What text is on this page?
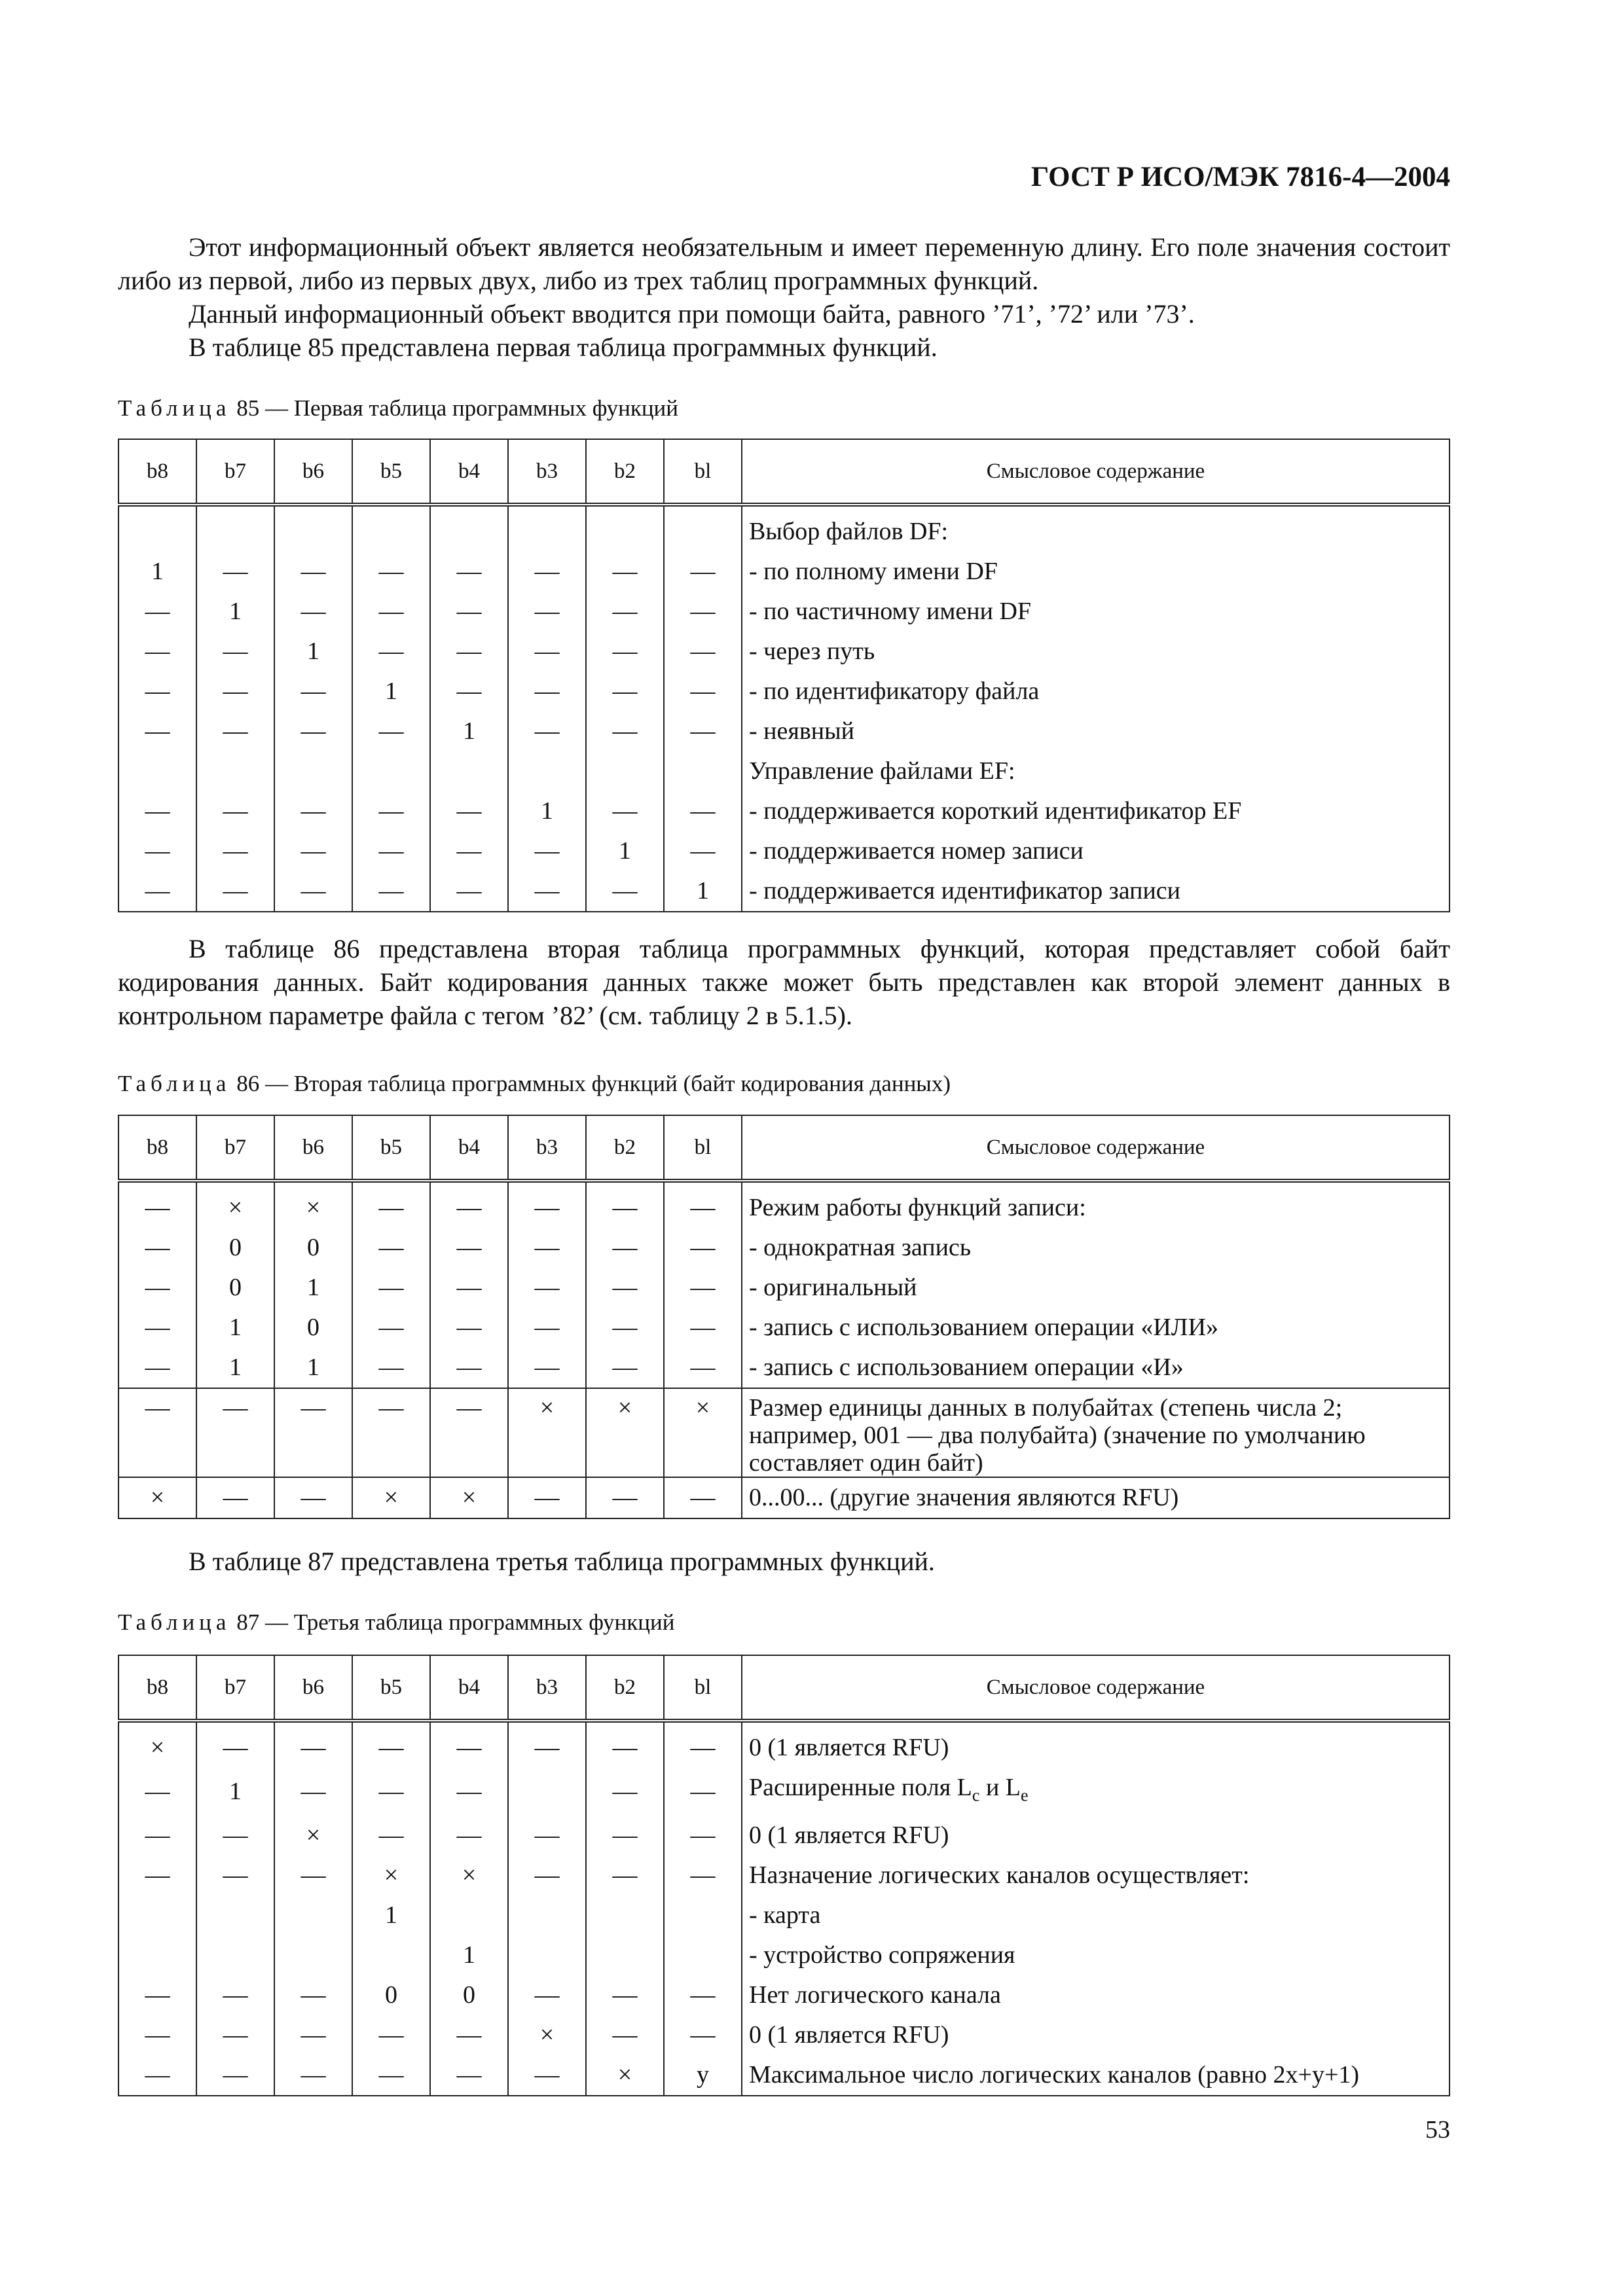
ГОСТ Р ИСО/МЭК 7816-4—2004

Этот информационный объект является необязательным и имеет переменную длину. Его поле значения состоит либо из первой, либо из первых двух, либо из трех таблиц программных функций.

Данный информационный объект вводится при помощи байта, равного ’71’, ’72’ или ’73’.

В таблице 85 представлена первая таблица программных функций.

Таблица 85 — Первая таблица программных функций
b8	b7	b6	b5	b4	b3	b2	bl	Смысловое содержание
								Выбор файлов DF:
1	—	—	—	—	—	—	—	- по полному имени DF
—	1	—	—	—	—	—	—	- по частичному имени DF
—	—	1	—	—	—	—	—	- через путь
—	—	—	1	—	—	—	—	- по идентификатору файла
—	—	—	—	1	—	—	—	- неявный
								Управление файлами EF:
—	—	—	—	—	1	—	—	- поддерживается короткий идентификатор EF
—	—	—	—	—	—	1	—	- поддерживается номер записи
—	—	—	—	—	—	—	1	- поддерживается идентификатор записи

В таблице 86 представлена вторая таблица программных функций, которая представляет собой байт кодирования данных. Байт кодирования данных также может быть представлен как второй элемент данных в контрольном параметре файла с тегом ’82’ (см. таблицу 2 в 5.1.5).

Таблица 86 — Вторая таблица программных функций (байт кодирования данных)
b8	b7	b6	b5	b4	b3	b2	bl	Смысловое содержание
—	×	×	—	—	—	—	—	Режим работы функций записи:
—	0	0	—	—	—	—	—	- однократная запись
—	0	1	—	—	—	—	—	- оригинальный
—	1	0	—	—	—	—	—	- запись с использованием операции «ИЛИ»
—	1	1	—	—	—	—	—	- запись с использованием операции «И»
—	—	—	—	—	×	×	×	Размер единицы данных в полубайтах (степень числа 2; например, 001 — два полубайта) (значение по умолчанию составляет один байт)
×	—	—	×	×	—	—	—	0...00... (другие значения являются RFU)

В таблице 87 представлена третья таблица программных функций.

Таблица 87 — Третья таблица программных функций
b8	b7	b6	b5	b4	b3	b2	bl	Смысловое содержание
×	—	—	—	—	—	—	—	0 (1 является RFU)
—	1	—	—	—		—	—	Расширенные поля $L_c$ и $L_e$
—	—	×	—	—	—	—	—	0 (1 является RFU)
—	—	—	×	×	—	—	—	Назначение логических каналов осуществляет:
			1					- карта
				1				- устройство сопряжения
—	—	—	0	0	—	—	—	Нет логического канала
—	—	—	—	—	×	—	—	0 (1 является RFU)
—	—	—	—	—	—	×	y	Максимальное число логических каналов (равно 2x+y+1)
53
